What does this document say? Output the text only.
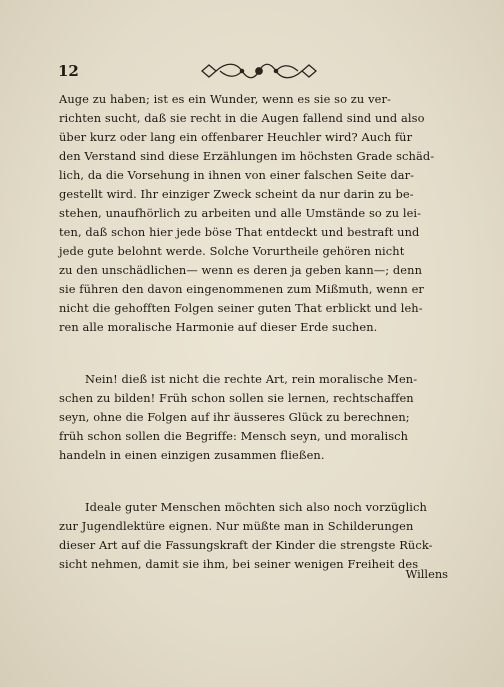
12
Auge zu haben; ist es ein Wunder, wenn es sie so zu ver-
richten sucht, daß sie recht in die Augen fallend sind und also
über kurz oder lang ein offenbarer Heuchler wird? Auch für
den Verstand sind diese Erzählungen im höchsten Grade schäd-
lich, da die Vorsehung in ihnen von einer falschen Seite dar-
gestellt wird. Ihr einziger Zweck scheint da nur darin zu be-
stehen, unaufhörlich zu arbeiten und alle Umstände so zu lei-
ten, daß schon hier jede böse That entdeckt und bestraft und
jede gute belohnt werde. Solche Vorurtheile gehören nicht
zu den unschädlichen— wenn es deren ja geben kann—; denn
sie führen den davon eingenommenen zum Mißmuth, wenn er
nicht die gehofften Folgen seiner guten That erblickt und leh-
ren alle moralische Harmonie auf dieser Erde suchen.
Nein! dieß ist nicht die rechte Art, rein moralische Men-
schen zu bilden! Früh schon sollen sie lernen, rechtschaffen
seyn, ohne die Folgen auf ihr äusseres Glück zu berechnen;
früh schon sollen die Begriffe: Mensch seyn, und moralisch
handeln in einen einzigen zusammen fließen.
Ideale guter Menschen möchten sich also noch vorzüglich
zur Jugendlektüre eignen. Nur müßte man in Schilderungen
dieser Art auf die Fassungskraft der Kinder die strengste Rück-
sicht nehmen, damit sie ihm, bei seiner wenigen Freiheit des
Willens
